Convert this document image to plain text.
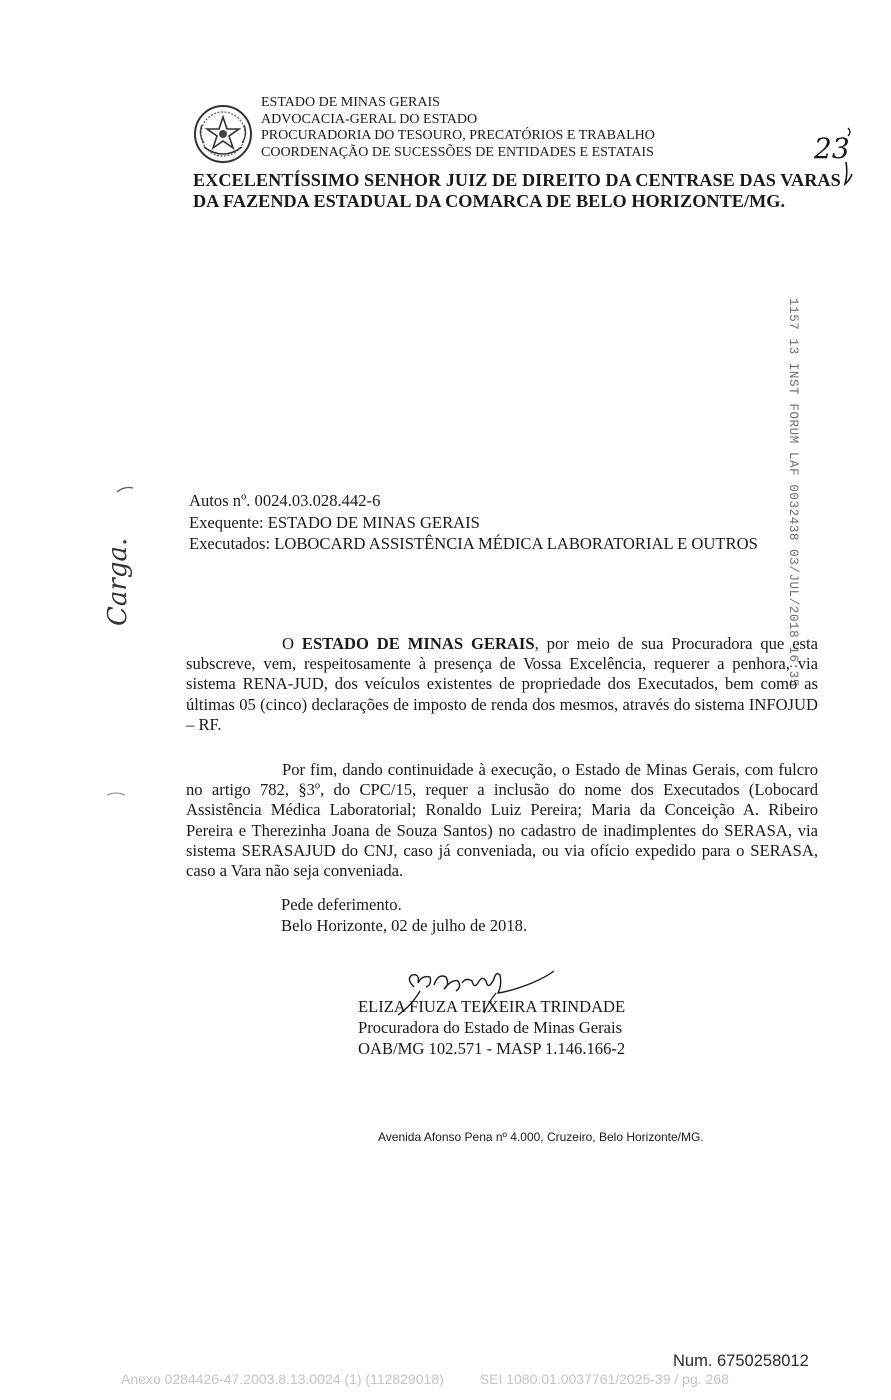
ESTADO DE MINAS GERAIS
ADVOCACIA-GERAL DO ESTADO
PROCURADORIA DO TESOURO, PRECATÓRIOS E TRABALHO
COORDENAÇÃO DE SUCESSÕES DE ENTIDADES E ESTATAIS	23
EXCELENTÍSSIMO SENHOR JUIZ DE DIREITO DA CENTRASE DAS VARAS
DA FAZENDA ESTADUAL DA COMARCA DE BELO HORIZONTE/MG.
1157 13 INST FORUM LAF 0032438 03/JUL/2018 16:35
Carga.
Autos nº. 0024.03.028.442-6
Exequente: ESTADO DE MINAS GERAIS
Executados: LOBOCARD ASSISTÊNCIA MÉDICA LABORATORIAL E OUTROS

O ESTADO DE MINAS GERAIS, por meio de sua Procuradora que esta subscreve, vem, respeitosamente à presença de Vossa Excelência, requerer a penhora, via sistema RENA-JUD, dos veículos existentes de propriedade dos Executados, bem como as últimas 05 (cinco) declarações de imposto de renda dos mesmos, através do sistema INFOJUD – RF.

Por fim, dando continuidade à execução, o Estado de Minas Gerais, com fulcro no artigo 782, §3º, do CPC/15, requer a inclusão do nome dos Executados (Lobocard Assistência Médica Laboratorial; Ronaldo Luiz Pereira; Maria da Conceição A. Ribeiro Pereira e Therezinha Joana de Souza Santos) no cadastro de inadimplentes do SERASA, via sistema SERASAJUD do CNJ, caso já conveniada, ou via ofício expedido para o SERASA, caso a Vara não seja conveniada.

Pede deferimento.
Belo Horizonte, 02 de julho de 2018.
ELIZA FIUZA TEIXEIRA TRINDADE
Procuradora do Estado de Minas Gerais
OAB/MG 102.571 - MASP 1.146.166-2
Avenida Afonso Pena nº 4.000, Cruzeiro, Belo Horizonte/MG.
Num. 6750258012
Anexo 0284426-47.2003.8.13.0024 (1) (112829018)	SEI 1080.01.0037761/2025-39 / pg. 268
